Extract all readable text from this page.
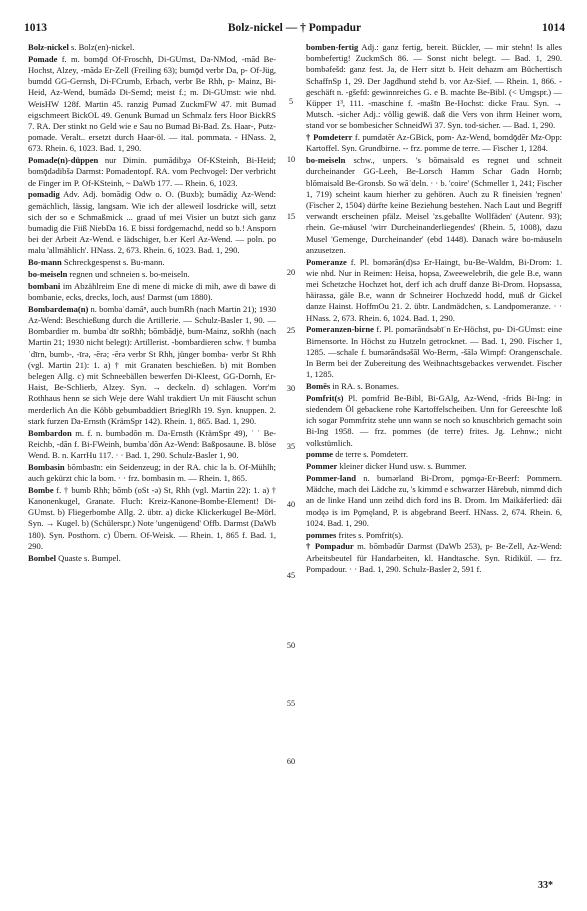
1013	Bolz-nickel — † Pompadur	1014

Bolz-nickel s. Bolz(en)-nickel.

Pomade f. m. bomǭd Of-Froschh, Di-GUmst, Da-NMod, -mād Be-Hochst, Alzey, -mādə Er-Zell (Freiling 63); bumǭd verbr Da, p- Of-Jüg, bumdd GG-Gernsh, Di-FCrumb, Erbach, verbr Be Rhh, p- Mainz, Bi-Heid, Az-Wend, bumādə Di-Semd; meist f.; m. Di-GUmst: wie nhd. WeisHW 128f. Martin 45. ranzig Pumad ZuckmFW 47. mit Bumad eigschmeert BickOL 49. Genunk Bumad un Schmalz fers Hoor BickRS 7. RA. Der stinkt no Geld wie e Sau no Bumad Bi-Bad. Zs. Haar-, Putz-pomade. Veralt.. ersetzt durch Haar-öl. — ital. pommata. - HNass. 2, 673. Rhein. 6, 1023. Bad. 1, 290.

Pomade(n)-düppen nur Dimin. pumādibχə Of-KSteinh, Bi-Heid; bomǭdədibšə Darmst: Pomadentopf. RA. vom Pechvogel: Der verbricht de Finger im P. Of-KSteinh, ~ DaWb 177. — Rhein. 6, 1023.

pomadig Adv. Adj. bomādig Odw o. O. (Buxb); bumādiχ Az-Wend: gemächlich, lässig, langsam. Wie ich der alleweil losdricke will, setzt sich der so e Schmaßmick ... graad uf mei Visier un butzt sich ganz bumadig die Fiiß NiebDa 16. E bissi fordgemachd, nedd so b.! Ansporn bei der Arbeit Az-Wend. e lädschiger, b.er Kerl Az-Wend. — poln. po malu 'allmählich'. HNass. 2, 673. Rhein. 6, 1023. Bad. 1, 290.

Bo-mann Schreckgespenst s. Bu-mann.

bo-meiseln regnen und schneien s. bo-meiseln.

bombani im Abzählreim Ene di mene di micke di mih, awe di bawe di bombanie, ecks, drecks, loch, aus! Darmst (um 1880).

Bombardema(n) n. bombaˈdəmāⁿ, auch bumRh (nach Martin 21); 1930 Az-Wend: Beschießung durch die Artillerie. — Schulz-Basler 1, 90. — Bombardier m. bumbaˈdīr soRhh; bōmbādjė, bum-Mainz, soRhh (nach Martin 21; 1930 nicht belegt): Artillerist. -bombardieren schw. † bumbaˈdīrn, bumb-, -īrə, -ērə; -ērə verbr St Rhh, jünger bomba- verbr St Rhh (vgl. Martin 21): 1. a) † mit Granaten beschießen. b) mit Bomben belegen Allg. c) mit Schneebällen bewerfen Di-Kleest, GG-Dornh, Er-Haist, Be-Schlierb, Alzey. Syn. → deckeln. d) schlagen. Vorr'm Rothhaus henn se sich Weje dere Wahl trakdiert Un mit Fäuscht schun merderlich An die Köbb gebumbaddiert BrieglRh 19. Syn. knuppen. 2. stark furzen Da-Ernsth (KrämSpr 142). Rhein. 1, 865. Bad. 1, 290.

Bombardon m. f. n. bumbədōn m. Da-Ernsth (KrämSpr 49), ˈ ˈ Be-Reichb, -dān f. Bi-FWeinh, bumbaˈdōn Az-Wend: Baßposaune. B. blöse Wend. B. n. KarrHu 117. · · Bad. 1, 290. Schulz-Basler 1, 90.

Bombasin bōmbasīn: ein Seidenzeug; in der RA. chic la b. Of-Mühlh; auch gekürzt chic la bom. · · frz. bombasin m. — Rhein. 1, 865.

Bombe f. † bumb Rhh; bōmb (oSt -ə) St, Rhh (vgl. Martin 22): 1. a) † Kanonenkugel, Granate. Fluch: Kreiz-Kanone-Bombe-Element! Di-GUmst. b) Fliegerbombe Allg. 2. übtr. a) dicke Klickerkugel Be-Mörl. Syn. → Kugel. b) (Schülerspr.) Note 'ungenügend' Offb. Darmst (DaWb 180). Syn. Posthorn. c) Übern. Of-Weisk. — Rhein. 1, 865 f. Bad. 1, 290.

Bombel Quaste s. Bumpel.

5
10
15
20
25
30
35
40
45
50
55
60

bomben-fertig Adj.: ganz fertig, bereit. Bückler, — mir stehn! Is alles bombefertig! ZuckmSch 86. — Sonst nicht belegt. — Bad. 1, 290. bombəfešd: ganz fest. Ja, de Herr sitzt b. Heit dehazm am Büchertisch SchaffnSp 1, 29. Der Jagdhund stehd b. vor Az-Sief. — Rhein. 1, 866. -geschäft n. -gšefd: gewinnreiches G. e B. machte Be-Bibl. (< Umgspr.) — Küpper 1³, 111. -maschine f. -mašīn Be-Hochst: dicke Frau. Syn. → Mutsch. -sicher Adj.: völlig gewiß. daß die Vers von ihrm Heiner worn, stand vor se bombesicher SchneidWi 37. Syn. tod-sicher. — Bad. 1, 290.

† Pomdeterr f. pumdətēr Az-GBick, pom- Az-Wend, bomdǭdēr Mz-Opp: Kartoffel. Syn. Grundbirne. -- frz. pomme de terre. — Fischer 1, 1284.

bo-meiseln schw., unpers. 's bōmaisəld es regnet und schneit durcheinander GG-Leeh, Be-Lorsch Hamm Schar Gadn Hornb; blōmaisəld Be-Gronsb. So wāˈdeln. · · b. 'coire' (Schmeller 1, 241; Fischer 1, 719) scheint kaum hierher zu gehören. Auch zu R fineisien 'regnen' (Fischer 2, 1504) dürfte keine Beziehung bestehen. Nach Laut und Begriff verwandt erscheinen pfälz. Meisel 'zs.geballte Wollfäden' (Autenr. 93); rhein. Ge-mäusel 'wirr Durcheinanderliegendes' (Rhein. 5, 1008), dazu Musel 'Gemenge, Durcheinander' (ebd 1448). Danach wäre bo-mäuseln anzusetzen.

Pomeranze f. Pl. bomərān(d)sə Er-Haingt, bu-Be-Waldm, Bi-Drom: 1. wie nhd. Nur in Reimen: Heisa, hopsa, Zweewelebrih, die gele B.e, wann mei Schetzche Hochzet hot, derf ich ach druff danze Bi-Drom. Hopsassa, häirassa, gäle B.e, wann dr Schneirer Hochzedd hodd, muß dr Gickel danze Hainst. HoffmOu 21. 2. übtr. Landmädchen, s. Landpomeranze. · · HNass. 2, 673. Rhein. 6, 1024. Bad. 1, 290.

Pomeranzen-birne f. Pl. pomərāndsəbīˈn Er-Höchst, pu- Di-GUmst: eine Birnensorte. In Höchst zu Hutzeln getrocknet. — Bad. 1, 290. Fischer 1, 1285. —schale f. bumərāndsəšāl Wo-Berm, -šālə Wimpf: Orangenschale. In Berm bei der Zubereitung des Weihnachtsgebackes verwendet. Fischer 1, 1285.

Bomēs in RA. s. Bonames.

Pomfrit(s) Pl. pomfrid Be-Bibl, Bi-GAlg, Az-Wend, -frids Bi-Ing: in siedendem Öl gebackene rohe Kartoffelscheiben. Unn for Gereeschte loß ich sogar Pommfritz stehe unn wann se noch so knuschbrich gemacht soin Bi-Ing 1958. — frz. pommes (de terre) frites. Jg. Lehnw.; nicht volkstümlich.

pomme de terre s. Pomdeterr.

Pommer kleiner dicker Hund usw. s. Bummer.

Pommer-land n. bumərland Bi-Drom, pǫmǫə-Er-Beerf: Pommern. Mädche, mach dei Lädche zu, 's kimmd e schwarzer Härebub, nimmd dich an de linke Hand unn zeihd dich ford ins B. Drom. Im Maikäferlied: dāi modęə is im Pǫmęland, P. is abgebrand Beerf. HNass. 2, 674. Rhein. 6, 1024. Bad. 1, 290.

pommes frites s. Pomfrit(s).

† Pompadur m. bōmbədūr Darmst (DaWb 253), p- Be-Zell, Az-Wend: Arbeitsbeutel für Handarbeiten, kl. Handtasche. Syn. Ridikül. — frz. Pompadour. · · Bad. 1, 290. Schulz-Basler 2, 591 f.

33*
